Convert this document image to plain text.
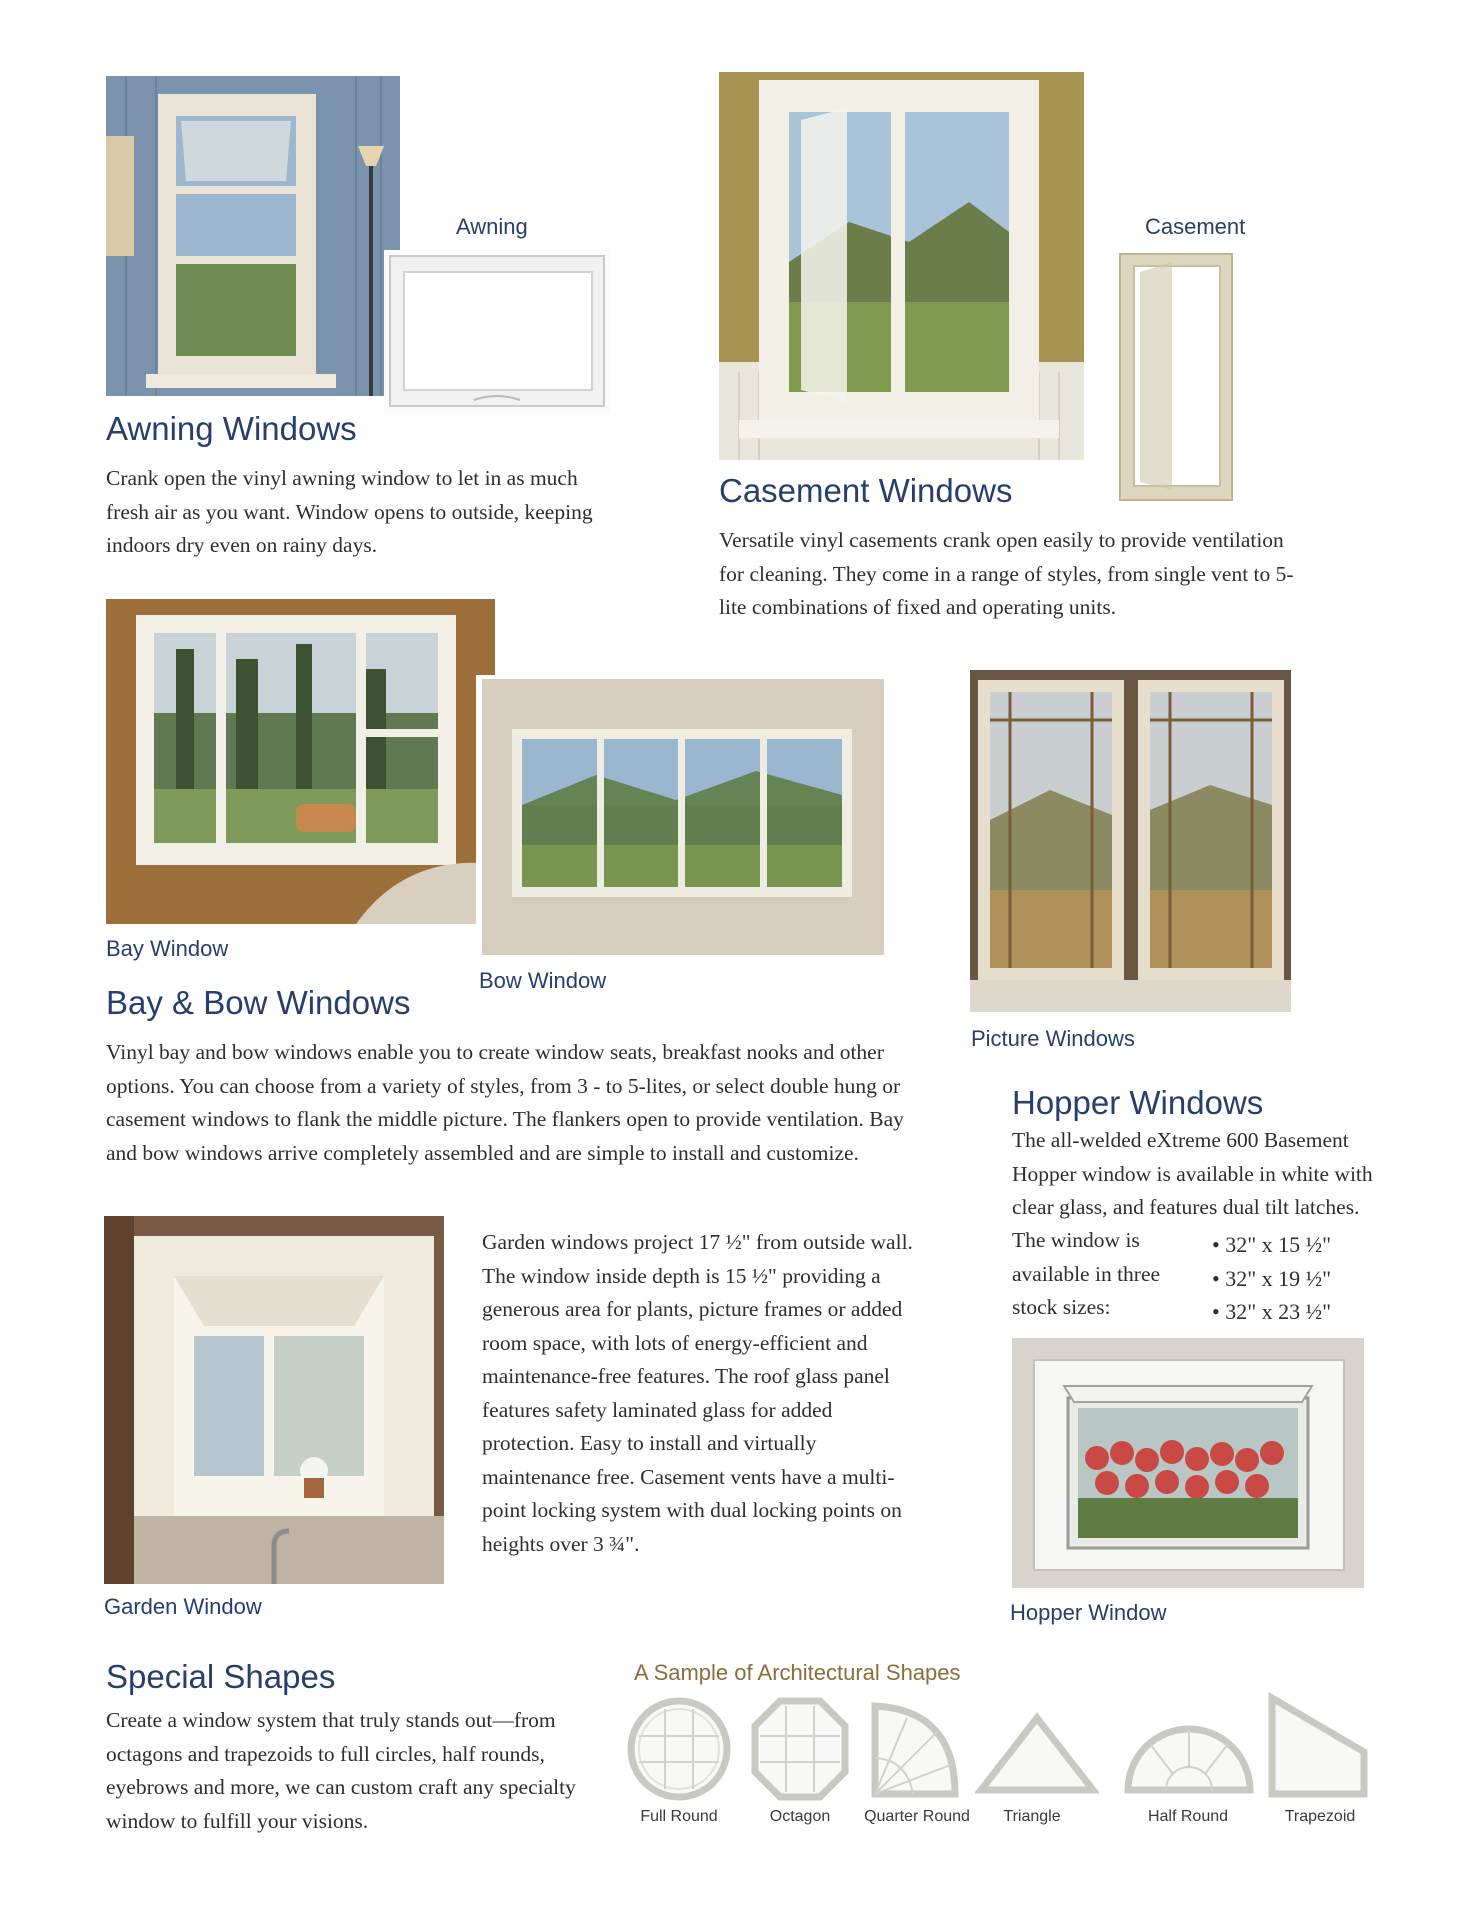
Awning
Awning Windows
Crank open the vinyl awning window to let in as much fresh air as you want. Window opens to outside, keeping indoors dry even on rainy days.
Casement
Casement Windows
Versatile vinyl casements crank open easily to provide ventilation for cleaning. They come in a range of styles, from single vent to 5-lite combinations of fixed and operating units.
Bay Window
Bow Window
Bay & Bow Windows
Vinyl bay and bow windows enable you to create window seats, breakfast nooks and other options. You can choose from a variety of styles, from 3 - to 5-lites, or select double hung or casement windows to flank the middle picture. The flankers open to provide ventilation. Bay and bow windows arrive completely assembled and are simple to install and customize.
Picture Windows
Hopper Windows
The all-welded eXtreme 600 Basement Hopper window is available in white with clear glass, and features dual tilt latches.
The window is available in three stock sizes:
• 32" x 15 ½"
• 32" x 19 ½"
• 32" x 23 ½"
Hopper Window
Garden windows project 17 ½" from outside wall. The window inside depth is 15 ½" providing a generous area for plants, picture frames or added room space, with lots of energy-efficient and maintenance-free features. The roof glass panel features safety laminated glass for added protection. Easy to install and virtually maintenance free. Casement vents have a multi-point locking system with dual locking points on heights over 3 ¾".
Garden Window
Special Shapes
Create a window system that truly stands out—from octagons and trapezoids to full circles, half rounds, eyebrows and more, we can custom craft any specialty window to fulfill your visions.
A Sample of Architectural Shapes
Full Round	Octagon	Quarter Round	Triangle	Half Round	Trapezoid
